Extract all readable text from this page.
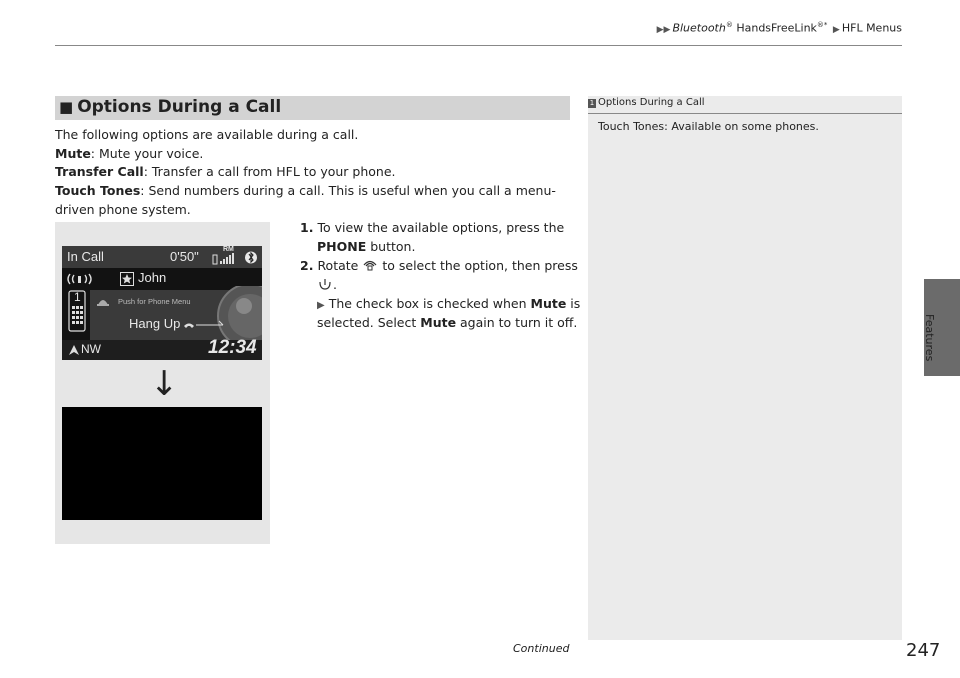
▶▶ Bluetooth® HandsFreeLink®* ▶ HFL Menus
■ Options During a Call
The following options are available during a call.
Mute: Mute your voice.
Transfer Call: Transfer a call from HFL to your phone.
Touch Tones: Send numbers during a call. This is useful when you call a menu-
driven phone system.
1. To view the available options, press the
PHONE button.
2. Rotate to select the option, then press
.
▶ The check box is checked when Mute is
selected. Select Mute again to turn it off.
In Call	0'50"	RM
John
Push for Phone Menu
Hang Up
1
NW	12:34
↓
1 Options During a Call
Touch Tones: Available on some phones.
Features
Continued	247
